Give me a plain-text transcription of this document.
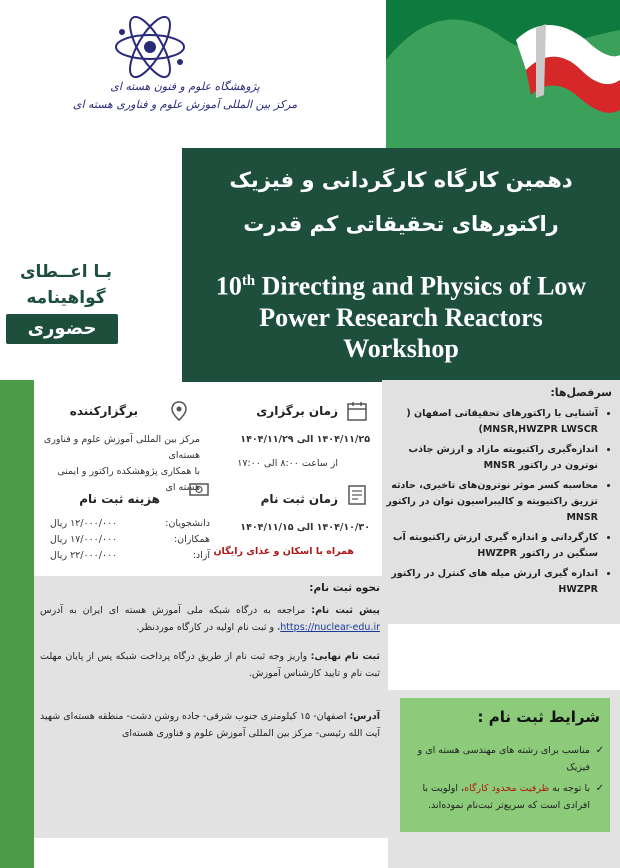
پژوهشگاه علوم و فنون هسته ای
مرکز بین المللی آموزش علوم و فناوری هسته ای
دهمین کارگاه کارگردانی و فیزیک
راکتورهای تحقیقاتی کم قدرت
10th Directing and Physics of Low
Power Research Reactors
Workshop
بـا اعــطای
گواهینامه
حضوری
زمان برگزاری
۱۴۰۴/۱۱/۲۵ الی ۱۴۰۴/۱۱/۲۹
از ساعت ۸:۰۰ الی ۱۷:۰۰
برگزارکننده
مرکز بین المللی آموزش علوم و فناوری هسته‌ای
با همکاری پژوهشکده راکتور و ایمنی هسته ای
زمان ثبت نام
۱۴۰۴/۱۰/۳۰ الی ۱۴۰۴/۱۱/۱۵
همراه با اسکان و غذای رایگان
هزینه ثبت نام
دانشجویان:
۱۲/۰۰۰/۰۰۰ ریال
همکاران:
۱۷/۰۰۰/۰۰۰ ریال
آزاد:
۲۲/۰۰۰/۰۰۰ ریال
سرفصل‌ها:
• آشنایی با راکتورهای تحقیقاتی اصفهان ( MNSR,HWZPR LWSCR)
• اندازه‌گیری راکتیویته مازاد و ارزش جاذب نوترون در راکتور MNSR
• محاسبه کسر موثر نوترون‌های تاخیری، حادثه تزریق راکتیویته و کالیبراسیون توان در راکتور MNSR
• کارگردانی و اندازه گیری ارزش راکتیویته آب سنگین در راکتور HWZPR
• اندازه گیری ارزش میله های کنترل در راکتور HWZPR
نحوه ثبت نام:
پیش ثبت نام: مراجعه به درگاه شبکه ملی آموزش هسته ای ایران به آدرس https://nuclear-edu.ir، و ثبت نام اولیه در کارگاه موردنظر.
ثبت نام نهایی: واریز وجه ثبت نام از طریق درگاه پرداخت شبکه پس از پایان مهلت ثبت نام و تایید کارشناس آموزش.
آدرس: اصفهان- ۱۵ کیلومتری جنوب شرقی- جاده روشن دشت- منطقه هسته‌ای شهید آیت الله رئیسی- مرکز بین المللی آموزش علوم و فناوری هسته‌ای
شرایط ثبت نام :
✓ مناسب برای رشته های مهندسی هسته ای و فیزیک
✓ با توجه به ظرفیت محدود کارگاه، اولویت با افرادی است که سریع‌تر ثبت‌نام نموده‌اند.
